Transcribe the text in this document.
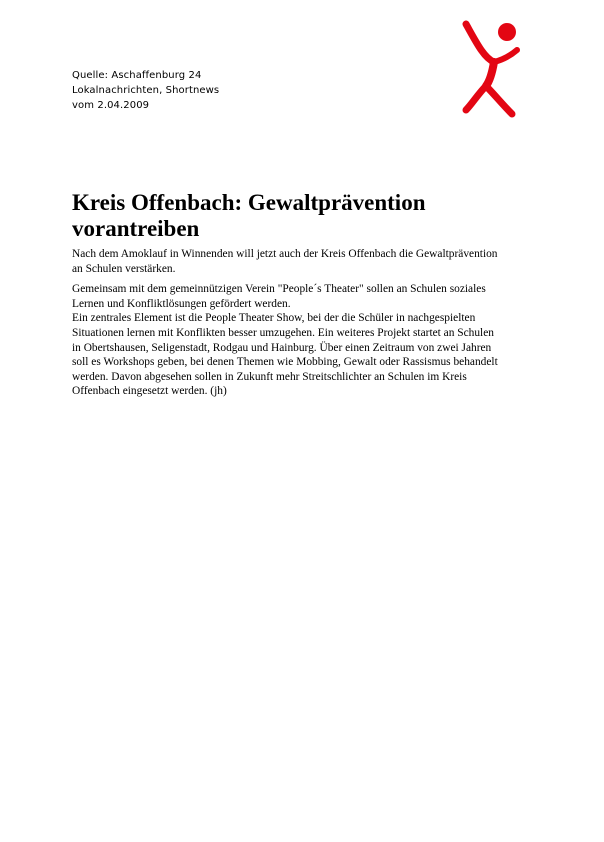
Quelle: Aschaffenburg 24
Lokalnachrichten, Shortnews
vom 2.04.2009
Kreis Offenbach: Gewaltprävention
vorantreiben

Nach dem Amoklauf in Winnenden will jetzt auch der Kreis Offenbach die Gewaltprävention
an Schulen verstärken.

Gemeinsam mit dem gemeinnützigen Verein "People´s Theater" sollen an Schulen soziales
Lernen und Konfliktlösungen gefördert werden.
Ein zentrales Element ist die People Theater Show, bei der die Schüler in nachgespielten
Situationen lernen mit Konflikten besser umzugehen. Ein weiteres Projekt startet an Schulen
in Obertshausen, Seligenstadt, Rodgau und Hainburg. Über einen Zeitraum von zwei Jahren
soll es Workshops geben, bei denen Themen wie Mobbing, Gewalt oder Rassismus behandelt
werden. Davon abgesehen sollen in Zukunft mehr Streitschlichter an Schulen im Kreis
Offenbach eingesetzt werden. (jh)
